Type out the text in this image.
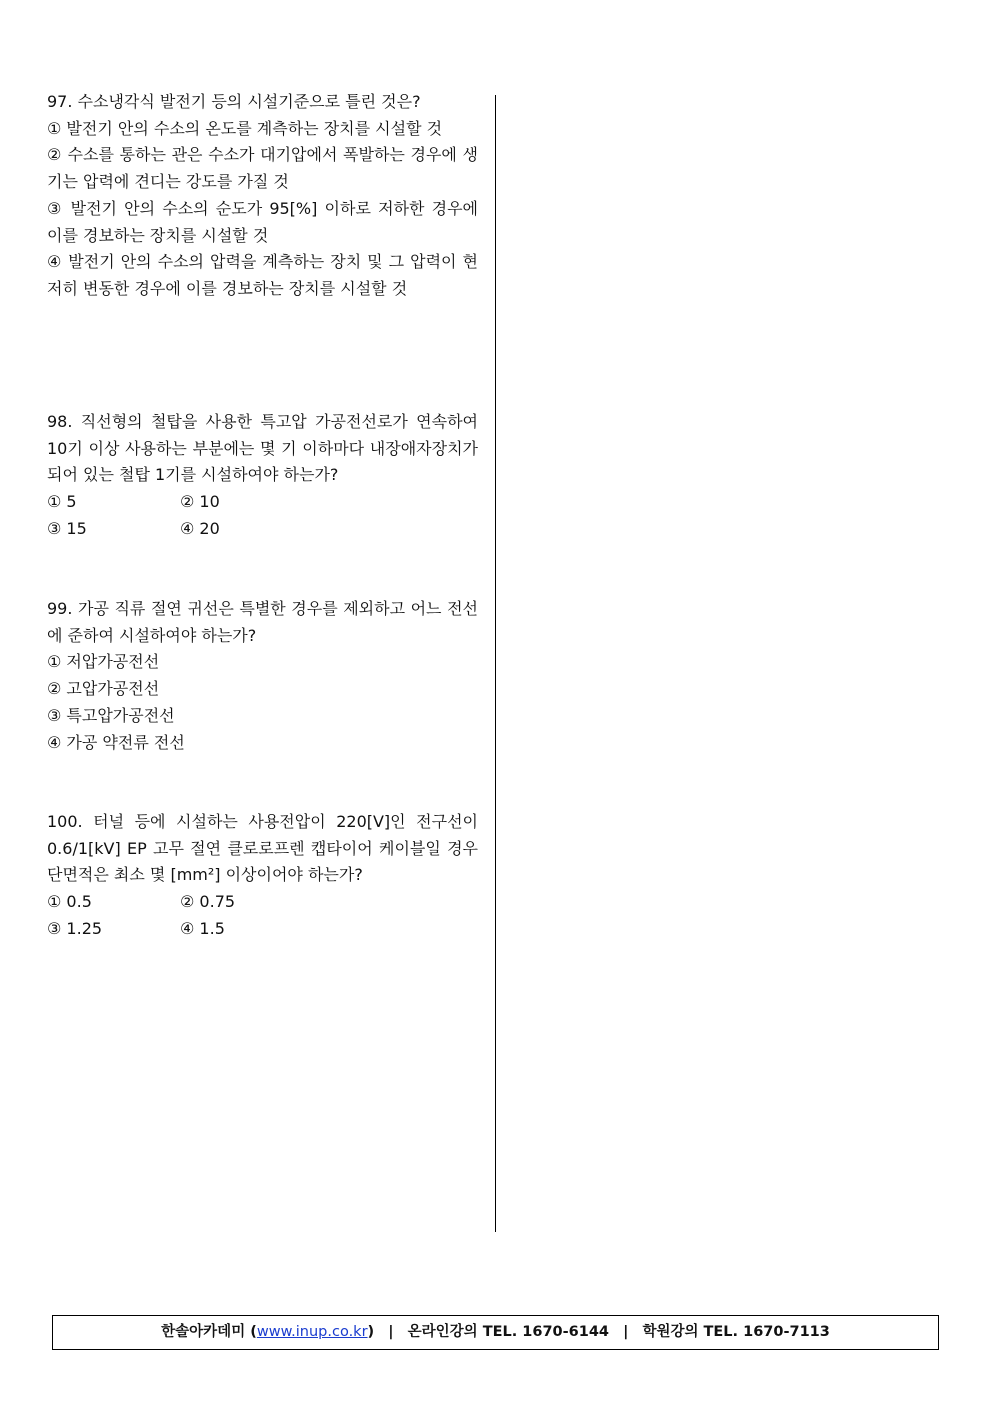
97. 수소냉각식 발전기 등의 시설기준으로 틀린 것은?

① 발전기 안의 수소의 온도를 계측하는 장치를 시설할 것

② 수소를 통하는 관은 수소가 대기압에서 폭발하는 경우에 생기는 압력에 견디는 강도를 가질 것

③ 발전기 안의 수소의 순도가 95[%] 이하로 저하한 경우에 이를 경보하는 장치를 시설할 것

④ 발전기 안의 수소의 압력을 계측하는 장치 및 그 압력이 현저히 변동한 경우에 이를 경보하는 장치를 시설할 것

98. 직선형의 철탑을 사용한 특고압 가공전선로가 연속하여 10기 이상 사용하는 부분에는 몇 기 이하마다 내장애자장치가 되어 있는 철탑 1기를 시설하여야 하는가?

① 5	② 10

③ 15	④ 20

99. 가공 직류 절연 귀선은 특별한 경우를 제외하고 어느 전선에 준하여 시설하여야 하는가?

① 저압가공전선

② 고압가공전선

③ 특고압가공전선

④ 가공 약전류 전선

100. 터널 등에 시설하는 사용전압이 220[V]인 전구선이 0.6/1[kV] EP 고무 절연 클로로프렌 캡타이어 케이블일 경우 단면적은 최소 몇 [mm²] 이상이어야 하는가?

① 0.5	② 0.75

③ 1.25	④ 1.5

한솔아카데미 (www.inup.co.kr) | 온라인강의 TEL. 1670-6144 | 학원강의 TEL. 1670-7113
